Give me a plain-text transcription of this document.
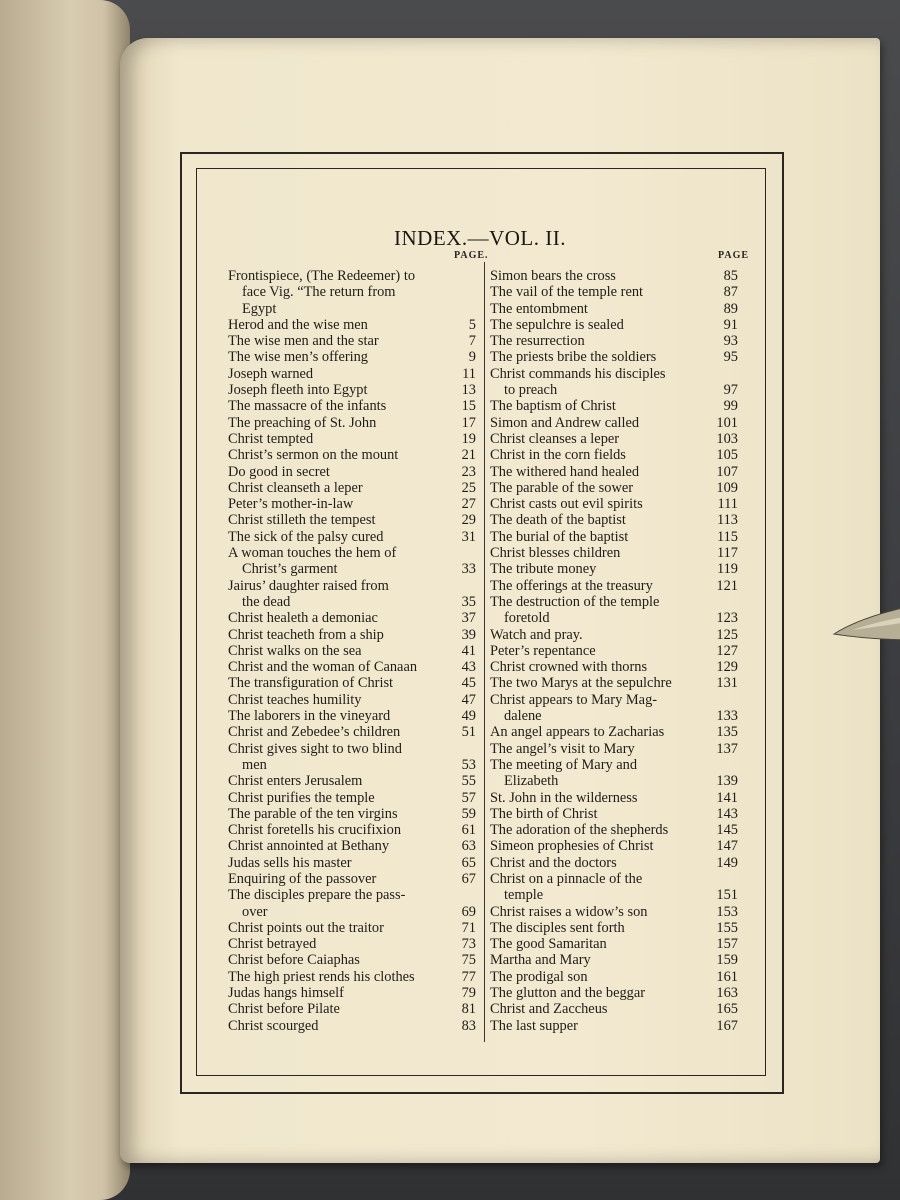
INDEX.—VOL. II.
PAGE.	PAGE
Frontispiece, (The Redeemer) to
face Vig. “The return from
Egypt
Herod and the wise men	5
The wise men and the star	7
The wise men’s offering	9
Joseph warned	11
Joseph fleeth into Egypt	13
The massacre of the infants	15
The preaching of St. John	17
Christ tempted	19
Christ’s sermon on the mount	21
Do good in secret	23
Christ cleanseth a leper	25
Peter’s mother-in-law	27
Christ stilleth the tempest	29
The sick of the palsy cured	31
A woman touches the hem of
Christ’s garment	33
Jairus’ daughter raised from
the dead	35
Christ healeth a demoniac	37
Christ teacheth from a ship	39
Christ walks on the sea	41
Christ and the woman of Canaan	43
The transfiguration of Christ	45
Christ teaches humility	47
The laborers in the vineyard	49
Christ and Zebedee’s children	51
Christ gives sight to two blind
men	53
Christ enters Jerusalem	55
Christ purifies the temple	57
The parable of the ten virgins	59
Christ foretells his crucifixion	61
Christ annointed at Bethany	63
Judas sells his master	65
Enquiring of the passover	67
The disciples prepare the pass-
over	69
Christ points out the traitor	71
Christ betrayed	73
Christ before Caiaphas	75
The high priest rends his clothes	77
Judas hangs himself	79
Christ before Pilate	81
Christ scourged	83
Simon bears the cross	85
The vail of the temple rent	87
The entombment	89
The sepulchre is sealed	91
The resurrection	93
The priests bribe the soldiers	95
Christ commands his disciples
to preach	97
The baptism of Christ	99
Simon and Andrew called	101
Christ cleanses a leper	103
Christ in the corn fields	105
The withered hand healed	107
The parable of the sower	109
Christ casts out evil spirits	111
The death of the baptist	113
The burial of the baptist	115
Christ blesses children	117
The tribute money	119
The offerings at the treasury	121
The destruction of the temple
foretold	123
Watch and pray.	125
Peter’s repentance	127
Christ crowned with thorns	129
The two Marys at the sepulchre	131
Christ appears to Mary Mag-
dalene	133
An angel appears to Zacharias	135
The angel’s visit to Mary	137
The meeting of Mary and
Elizabeth	139
St. John in the wilderness	141
The birth of Christ	143
The adoration of the shepherds	145
Simeon prophesies of Christ	147
Christ and the doctors	149
Christ on a pinnacle of the
temple	151
Christ raises a widow’s son	153
The disciples sent forth	155
The good Samaritan	157
Martha and Mary	159
The prodigal son	161
The glutton and the beggar	163
Christ and Zaccheus	165
The last supper	167
